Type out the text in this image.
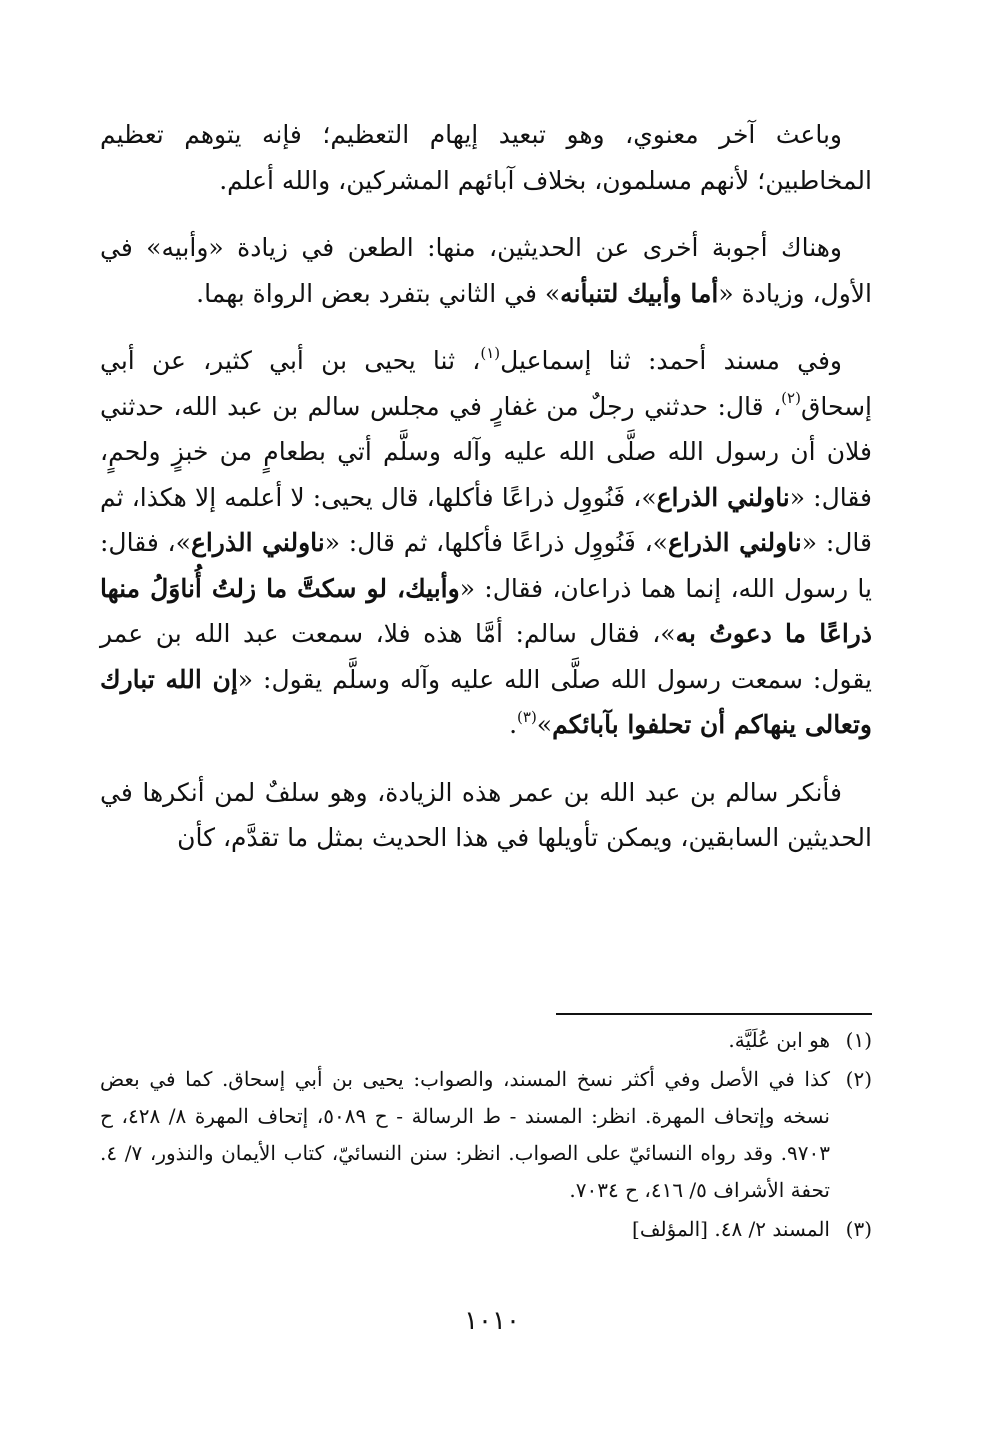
وباعث آخر معنوي، وهو تبعيد إيهام التعظيم؛ فإنه يتوهم تعظيم المخاطبين؛ لأنهم مسلمون، بخلاف آبائهم المشركين، والله أعلم.

وهناك أجوبة أخرى عن الحديثين، منها: الطعن في زيادة «وأبيه» في الأول، وزيادة «أما وأبيك لتنبأنه» في الثاني بتفرد بعض الرواة بهما.

وفي مسند أحمد: ثنا إسماعيل$^{(١)}$، ثنا يحيى بن أبي كثير، عن أبي إسحاق$^{(٢)}$، قال: حدثني رجلٌ من غفارٍ في مجلس سالم بن عبد الله، حدثني فلان أن رسول الله صلَّى الله عليه وآله وسلَّم أتي بطعامٍ من خبزٍ ولحمٍ، فقال: «ناولني الذراع»، فَنُووِل ذراعًا فأكلها، قال يحيى: لا أعلمه إلا هكذا، ثم قال: «ناولني الذراع»، فَنُووِل ذراعًا فأكلها، ثم قال: «ناولني الذراع»، فقال: يا رسول الله، إنما هما ذراعان، فقال: «وأبيك، لو سكتَّ ما زلتُ أُناوَلُ منها ذراعًا ما دعوتُ به»، فقال سالم: أمَّا هذه فلا، سمعت عبد الله بن عمر يقول: سمعت رسول الله صلَّى الله عليه وآله وسلَّم يقول: «إن الله تبارك وتعالى ينهاكم أن تحلفوا بآبائكم»$^{(٣)}$.

فأنكر سالم بن عبد الله بن عمر هذه الزيادة، وهو سلفٌ لمن أنكرها في الحديثين السابقين، ويمكن تأويلها في هذا الحديث بمثل ما تقدَّم، كأن

(١)
هو ابن عُلَيَّة.
(٢)
كذا في الأصل وفي أكثر نسخ المسند، والصواب: يحيى بن أبي إسحاق. كما في بعض نسخه وإتحاف المهرة. انظر: المسند - ط الرسالة - ح ٥٠٨٩، إتحاف المهرة ٨/ ٤٢٨، ح ٩٧٠٣. وقد رواه النسائيّ على الصواب. انظر: سنن النسائيّ، كتاب الأيمان والنذور، ٧/ ٤. تحفة الأشراف ٥/ ٤١٦، ح ٧٠٣٤.
(٣)
المسند ٢/ ٤٨. [المؤلف]
١٠١٠
